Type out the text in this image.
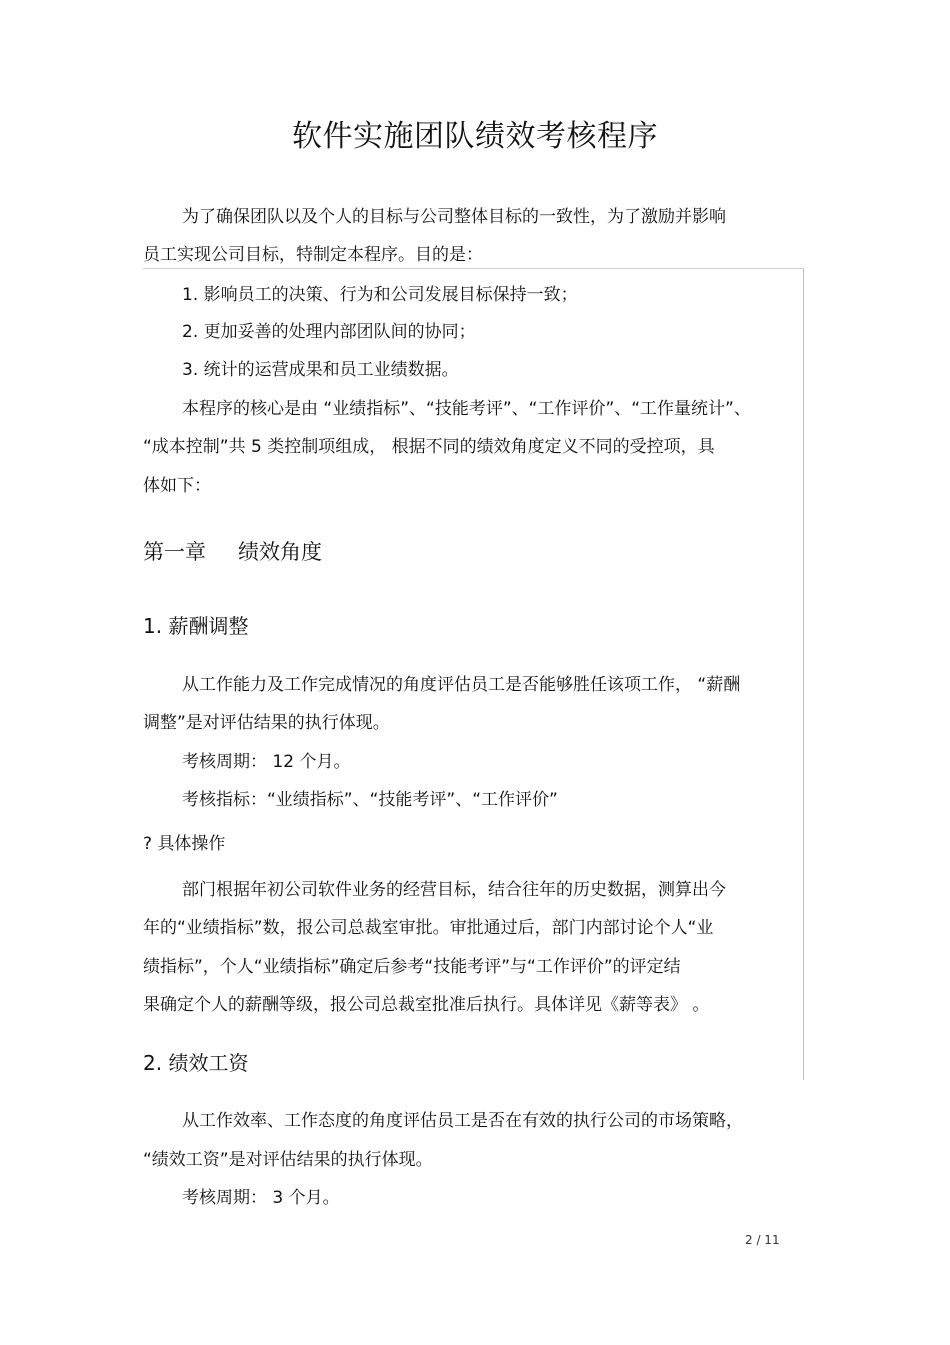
软件实施团队绩效考核程序
为了确保团队以及个人的目标与公司整体目标的一致性，为了激励并影响
员工实现公司目标，特制定本程序。目的是：
1. 影响员工的决策、行为和公司发展目标保持一致；
2. 更加妥善的处理内部团队间的协同；
3. 统计的运营成果和员工业绩数据。
本程序的核心是由 “业绩指标”、“技能考评”、“工作评价”、“工作量统计”、
“成本控制”共 5 类控制项组成， 根据不同的绩效角度定义不同的受控项，具
体如下：
第一章 绩效角度
1. 薪酬调整
从工作能力及工作完成情况的角度评估员工是否能够胜任该项工作， “薪酬
调整”是对评估结果的执行体现。
考核周期： 12 个月。
考核指标：“业绩指标”、“技能考评”、“工作评价”
? 具体操作
部门根据年初公司软件业务的经营目标，结合往年的历史数据，测算出今
年的“业绩指标”数，报公司总裁室审批。审批通过后，部门内部讨论个人“业
绩指标”，个人“业绩指标”确定后参考“技能考评”与“工作评价”的评定结
果确定个人的薪酬等级，报公司总裁室批准后执行。具体详见《薪等表》 。
2. 绩效工资
从工作效率、工作态度的角度评估员工是否在有效的执行公司的市场策略，
“绩效工资”是对评估结果的执行体现。
考核周期： 3 个月。
2 / 11
